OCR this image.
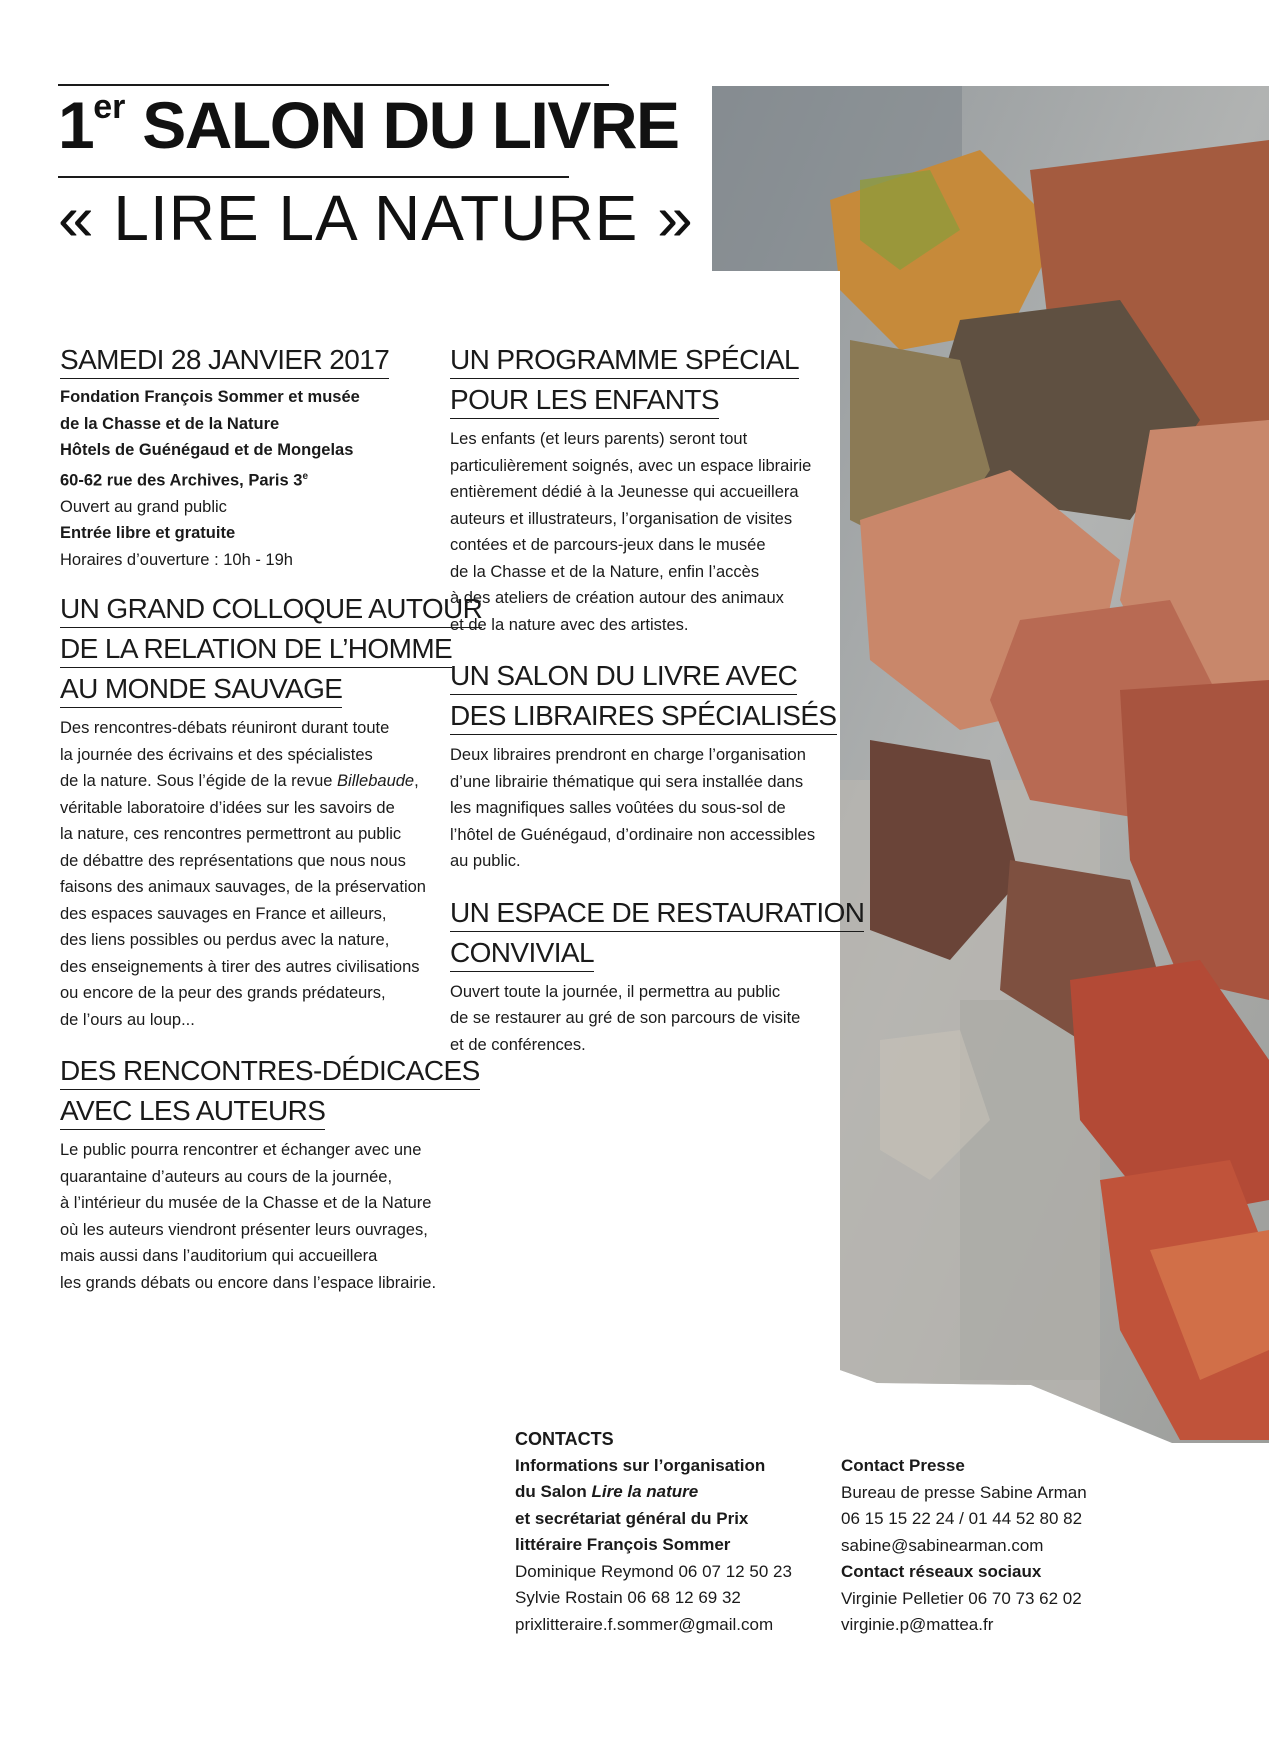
1er SALON DU LIVRE
« LIRE LA NATURE »
SAMEDI 28 JANVIER 2017

Fondation François Sommer et musée

de la Chasse et de la Nature

Hôtels de Guénégaud et de Mongelas

60-62 rue des Archives, Paris 3e

Ouvert au grand public

Entrée libre et gratuite

Horaires d’ouverture : 10h - 19h

UN GRAND COLLOQUE AUTOUR
DE LA RELATION DE L’HOMME
AU MONDE SAUVAGE

Des rencontres-débats réuniront durant toute

la journée des écrivains et des spécialistes

de la nature. Sous l’égide de la revue Billebaude,

véritable laboratoire d’idées sur les savoirs de

la nature, ces rencontres permettront au public

de débattre des représentations que nous nous

faisons des animaux sauvages, de la préservation

des espaces sauvages en France et ailleurs,

des liens possibles ou perdus avec la nature,

des enseignements à tirer des autres civilisations

ou encore de la peur des grands prédateurs,

de l’ours au loup...

DES RENCONTRES-DÉDICACES
AVEC LES AUTEURS

Le public pourra rencontrer et échanger avec une

quarantaine d’auteurs au cours de la journée,

à l’intérieur du musée de la Chasse et de la Nature

où les auteurs viendront présenter leurs ouvrages,

mais aussi dans l’auditorium qui accueillera

les grands débats ou encore dans l’espace librairie.

UN PROGRAMME SPÉCIAL
POUR LES ENFANTS

Les enfants (et leurs parents) seront tout

particulièrement soignés, avec un espace librairie

entièrement dédié à la Jeunesse qui accueillera

auteurs et illustrateurs, l’organisation de visites

contées et de parcours-jeux dans le musée

de la Chasse et de la Nature, enfin l’accès

à des ateliers de création autour des animaux

et de la nature avec des artistes.

UN SALON DU LIVRE AVEC
DES LIBRAIRES SPÉCIALISÉS

Deux libraires prendront en charge l’organisation

d’une librairie thématique qui sera installée dans

les magnifiques salles voûtées du sous-sol de

l’hôtel de Guénégaud, d’ordinaire non accessibles

au public.

UN ESPACE DE RESTAURATION
CONVIVIAL

Ouvert toute la journée, il permettra au public

de se restaurer au gré de son parcours de visite

et de conférences.

CONTACTS

Informations sur l’organisation

du Salon Lire la nature

et secrétariat général du Prix

littéraire François Sommer

Dominique Reymond 06 07 12 50 23

Sylvie Rostain 06 68 12 69 32

prixlitteraire.f.sommer@gmail.com

Contact Presse

Bureau de presse Sabine Arman

06 15 15 22 24 / 01 44 52 80 82

sabine@sabinearman.com

Contact réseaux sociaux

Virginie Pelletier 06 70 73 62 02

virginie.p@mattea.fr
